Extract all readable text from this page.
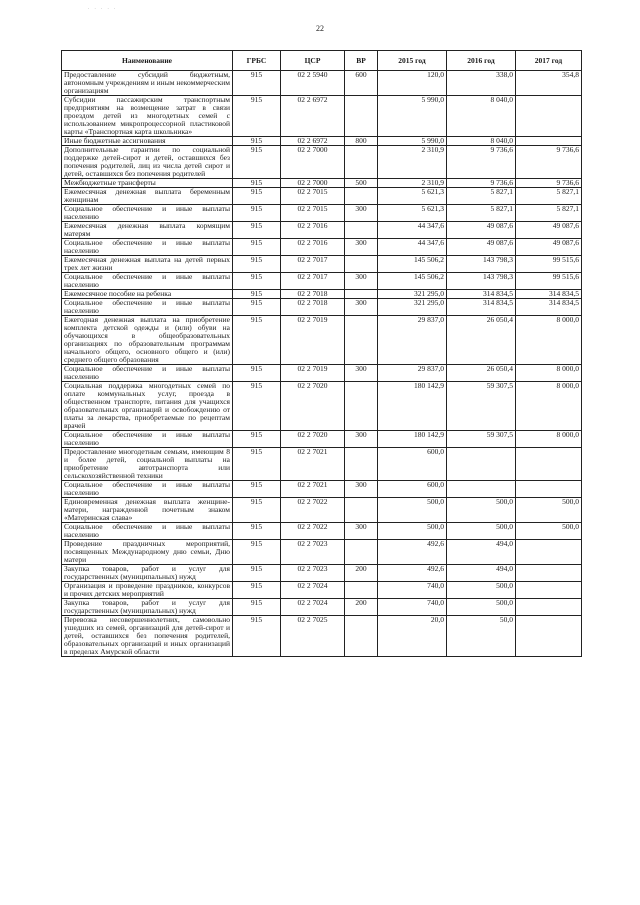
. . . . .
22
Наименование	ГРБС	ЦСР	ВР	2015 год	2016 год	2017 год
Предоставление субсидий бюджетным, автономным учреждениям и иным некоммерческим организациям	915	02 2 5940	600	120,0	338,0	354,8
Субсидии пассажирским транспортным предприятиям на возмещение затрат в связи проездом детей из многодетных семей с использованием микропроцессорной пластиковой карты «Транспортная карта школьника»	915	02 2 6972		5 990,0	8 040,0	
Иные бюджетные ассигнования	915	02 2 6972	800	5 990,0	8 040,0	
Дополнительные гарантии по социальной поддержке детей-сирот и детей, оставшихся без попечения родителей, лиц из числа детей сирот и детей, оставшихся без попечения родителей	915	02 2 7000		2 310,9	9 736,6	9 736,6
Межбюджетные трансферты	915	02 2 7000	500	2 310,9	9 736,6	9 736,6
Ежемесячная денежная выплата беременным женщинам	915	02 2 7015		5 621,3	5 827,1	5 827,1
Социальное обеспечение и иные выплаты населению	915	02 2 7015	300	5 621,3	5 827,1	5 827,1
Ежемесячная денежная выплата кормящим матерям	915	02 2 7016		44 347,6	49 087,6	49 087,6
Социальное обеспечение и иные выплаты населению	915	02 2 7016	300	44 347,6	49 087,6	49 087,6
Ежемесячная денежная выплата на детей первых трех лет жизни	915	02 2 7017		145 506,2	143 798,3	99 515,6
Социальное обеспечение и иные выплаты населению	915	02 2 7017	300	145 506,2	143 798,3	99 515,6
Ежемесячное пособие на ребенка	915	02 2 7018		321 295,0	314 834,5	314 834,5
Социальное обеспечение и иные выплаты населению	915	02 2 7018	300	321 295,0	314 834,5	314 834,5
Ежегодная денежная выплата на приобретение комплекта детской одежды и (или) обуви на обучающихся в общеобразовательных организациях по образовательным программам начального общего, основного общего и (или) среднего общего образования	915	02 2 7019		29 837,0	26 050,4	8 000,0
Социальное обеспечение и иные выплаты населению	915	02 2 7019	300	29 837,0	26 050,4	8 000,0
Социальная поддержка многодетных семей по оплате коммунальных услуг, проезда в общественном транспорте, питания для учащихся образовательных организаций и освобождению от платы за лекарства, приобретаемые по рецептам врачей	915	02 2 7020		180 142,9	59 307,5	8 000,0
Социальное обеспечение и иные выплаты населению	915	02 2 7020	300	180 142,9	59 307,5	8 000,0
Предоставление многодетным семьям, имеющим 8 и более детей, социальной выплаты на приобретение автотранспорта или сельскохозяйственной техники	915	02 2 7021		600,0		
Социальное обеспечение и иные выплаты населению	915	02 2 7021	300	600,0		
Единовременная денежная выплата женщине-матери, награжденной почетным знаком «Материнская слава»	915	02 2 7022		500,0	500,0	500,0
Социальное обеспечение и иные выплаты населению	915	02 2 7022	300	500,0	500,0	500,0
Проведение праздничных мероприятий, посвященных Международному дню семьи, Дню матери	915	02 2 7023		492,6	494,0	
Закупка товаров, работ и услуг для государственных (муниципальных) нужд	915	02 2 7023	200	492,6	494,0	
Организация и проведение праздников, конкурсов и прочих детских мероприятий	915	02 2 7024		740,0	500,0	
Закупка товаров, работ и услуг для государственных (муниципальных) нужд	915	02 2 7024	200	740,0	500,0	
Перевозка несовершеннолетних, самовольно ушедших из семей, организаций для детей-сирот и детей, оставшихся без попечения родителей, образовательных организаций и иных организаций в пределах Амурской области	915	02 2 7025		20,0	50,0	
